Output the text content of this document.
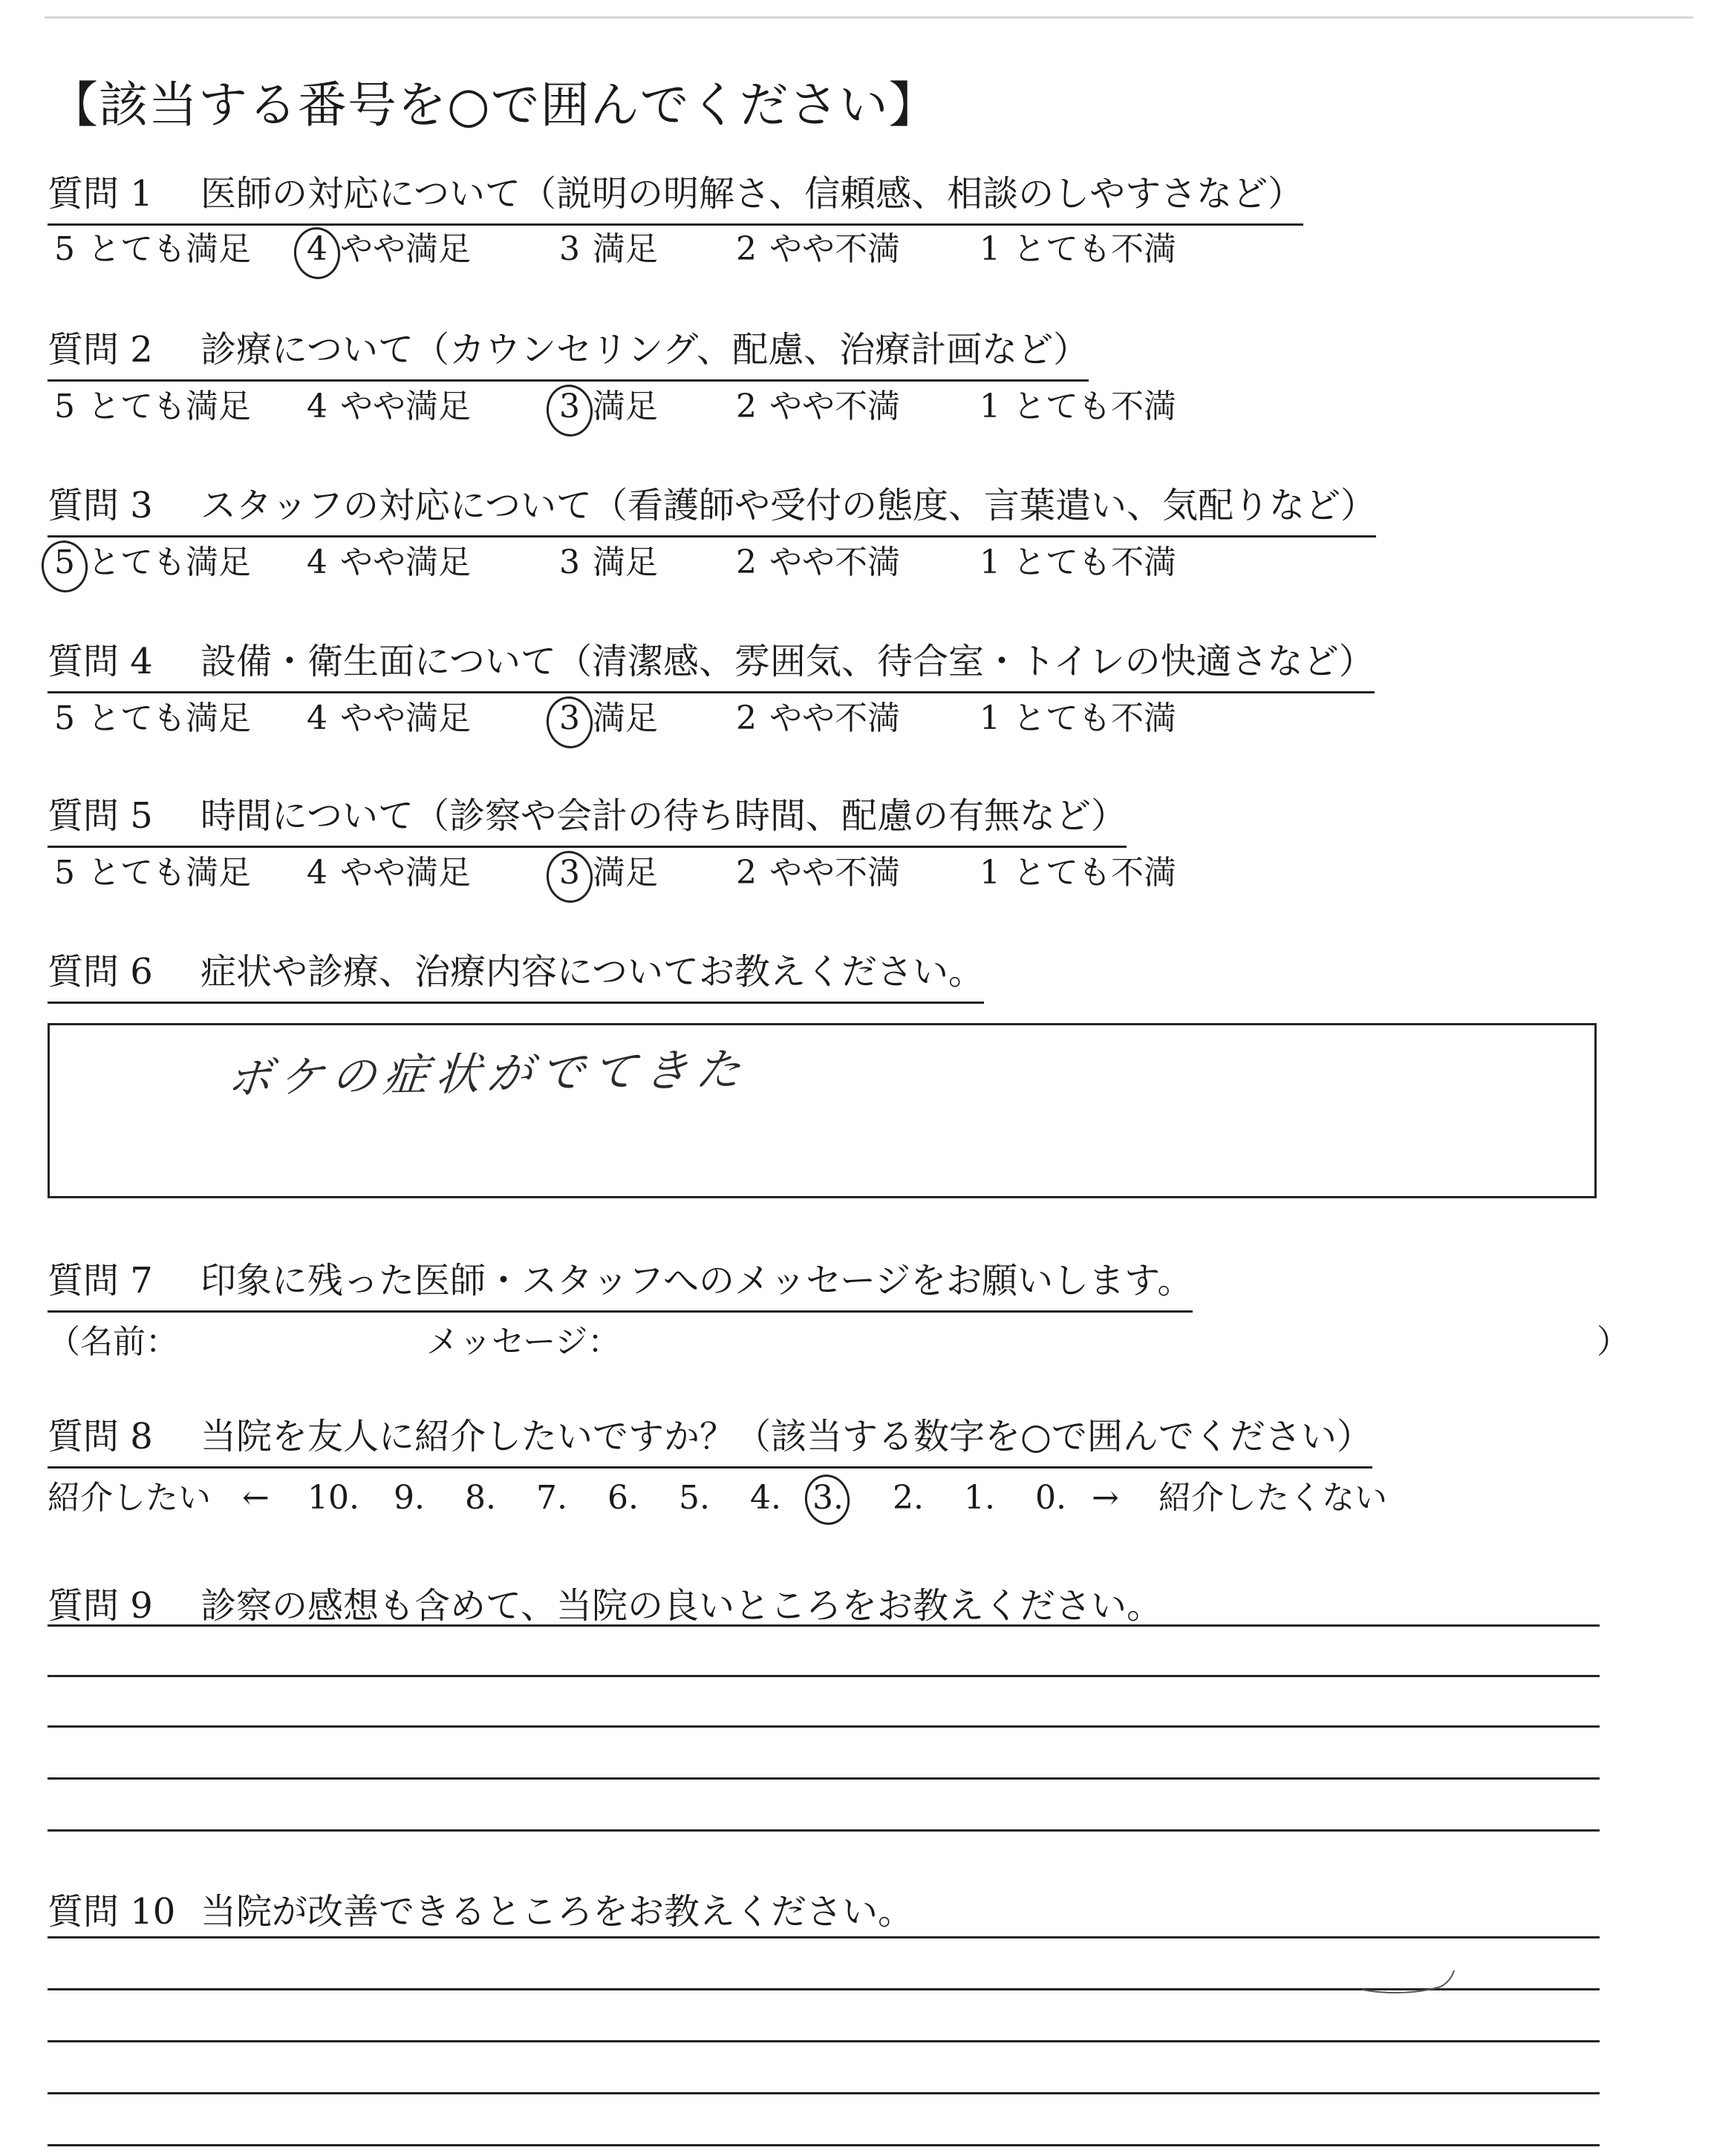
【該当する番号を○で囲んでください】
質問 1 医師の対応について（説明の明解さ、信頼感、相談のしやすさなど）
5 とても満足 4 やや満足	3 満足 2 やや不満 1 とても不満
質問 2 診療について（カウンセリング、配慮、治療計画など）
5 とても満足 4 やや満足	3 満足 2 やや不満 1 とても不満
質問 3 スタッフの対応について（看護師や受付の態度、言葉遣い、気配りなど）
5 とても満足 4 やや満足	3 満足 2 やや不満 1 とても不満
質問 4 設備・衛生面について（清潔感、雰囲気、待合室・トイレの快適さなど）
5 とても満足 4 やや満足	3 満足 2 やや不満 1 とても不満
質問 5 時間について（診察や会計の待ち時間、配慮の有無など）
5 とても満足 4 やや満足	3 満足 2 やや不満 1 とても不満
質問 6 症状や診療、治療内容についてお教えください。
ボケの症状がでてきた
質問 7 印象に残った医師・スタッフへのメッセージをお願いします。
（名前：	メッセージ：	）
質問 8 当院を友人に紹介したいですか？（該当する数字を○で囲んでください）
紹介したい ← 10. 9. 8. 7. 6. 5. 4. 3. 2. 1. 0. → 紹介したくない
質問 9 診察の感想も含めて、当院の良いところをお教えください。
質問 10 当院が改善できるところをお教えください。
